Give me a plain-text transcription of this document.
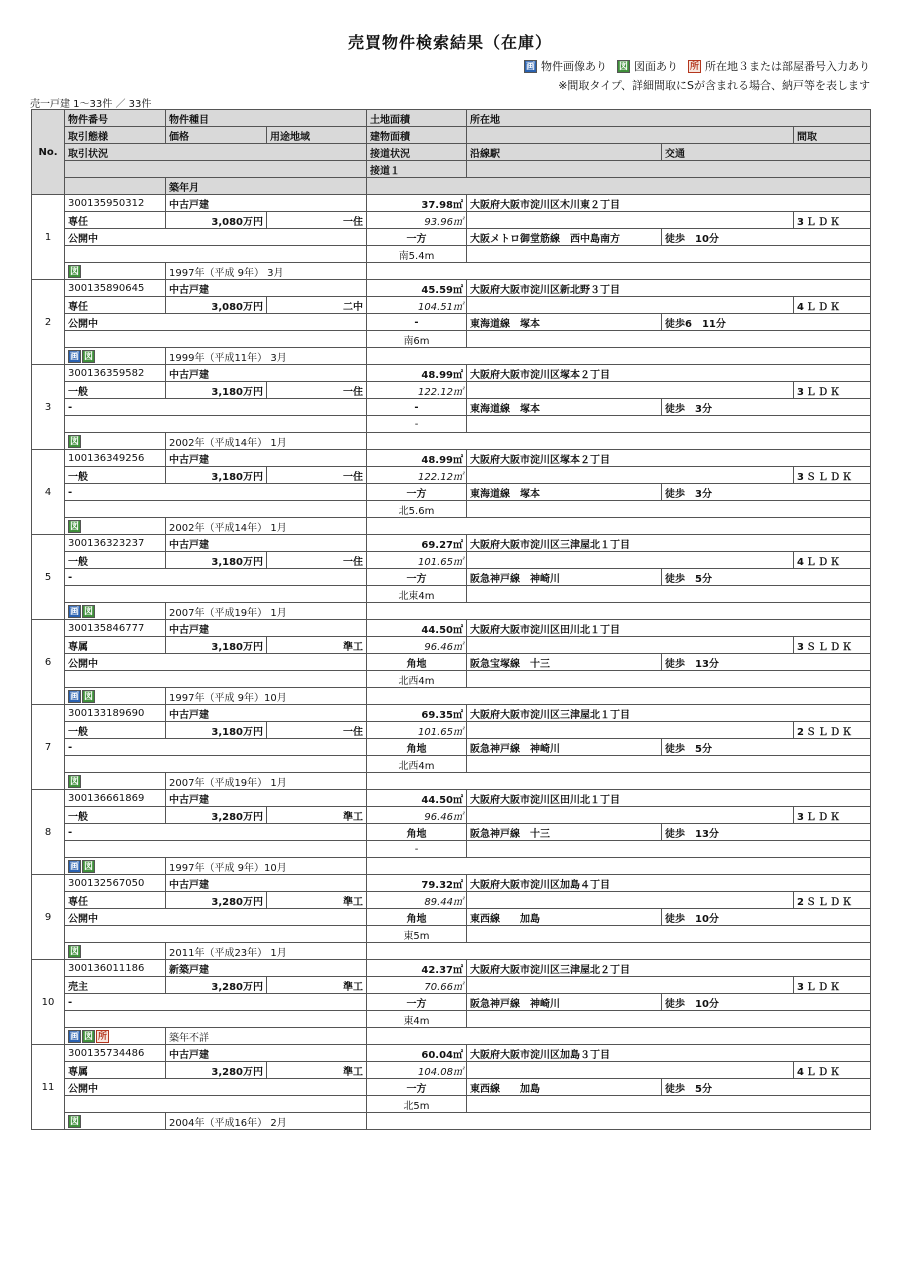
売買物件検索結果（在庫）
画 物件画像あり 図 図面あり 所 所在地３または部屋番号入力あり
※間取タイプ、詳細間取にSが含まれる場合、納戸等を表します
売一戸建 1〜33件 ／ 33件
No.	物件番号	物件種目		土地面積	所在地		
	取引態様	価格	用途地域	建物面積			間取
	取引状況			接道状況	沿線駅	交通	
				接道１			
		築年月					
1	300135950312	中古戸建		37.98㎡	大阪府大阪市淀川区木川東２丁目		
	専任	3,080万円	一住	93.96㎡			3ＬＤＫ
	公開中			一方	大阪メトロ御堂筋線　西中島南方	徒歩　10分	
				南5.4m			
	図	1997年（平成 9年） 3月					
2	300135890645	中古戸建		45.59㎡	大阪府大阪市淀川区新北野３丁目		
	専任	3,080万円	二中	104.51㎡			4ＬＤＫ
	公開中			-	東海道線　塚本	徒歩6　11分	
				南6m			
	画 図	1999年（平成11年） 3月					
3	300136359582	中古戸建		48.99㎡	大阪府大阪市淀川区塚本２丁目		
	一般	3,180万円	一住	122.12㎡			3ＬＤＫ
	-			-	東海道線　塚本	徒歩　3分	
				-			
	図	2002年（平成14年） 1月					
4	100136349256	中古戸建		48.99㎡	大阪府大阪市淀川区塚本２丁目		
	一般	3,180万円	一住	122.12㎡			3ＳＬＤＫ
	-			一方	東海道線　塚本	徒歩　3分	
				北5.6m			
	図	2002年（平成14年） 1月					
5	300136323237	中古戸建		69.27㎡	大阪府大阪市淀川区三津屋北１丁目		
	一般	3,180万円	一住	101.65㎡			4ＬＤＫ
	-			一方	阪急神戸線　神崎川	徒歩　5分	
				北東4m			
	画 図	2007年（平成19年） 1月					
6	300135846777	中古戸建		44.50㎡	大阪府大阪市淀川区田川北１丁目		
	専属	3,180万円	準工	96.46㎡			3ＳＬＤＫ
	公開中			角地	阪急宝塚線　十三	徒歩　13分	
				北西4m			
	画 図	1997年（平成 9年）10月					
7	300133189690	中古戸建		69.35㎡	大阪府大阪市淀川区三津屋北１丁目		
	一般	3,180万円	一住	101.65㎡			2ＳＬＤＫ
	-			角地	阪急神戸線　神崎川	徒歩　5分	
				北西4m			
	図	2007年（平成19年） 1月					
8	300136661869	中古戸建		44.50㎡	大阪府大阪市淀川区田川北１丁目		
	一般	3,280万円	準工	96.46㎡			3ＬＤＫ
	-			角地	阪急神戸線　十三	徒歩　13分	
				-			
	画 図	1997年（平成 9年）10月					
9	300132567050	中古戸建		79.32㎡	大阪府大阪市淀川区加島４丁目		
	専任	3,280万円	準工	89.44㎡			2ＳＬＤＫ
	公開中			角地	東西線　　加島	徒歩　10分	
				東5m			
	図	2011年（平成23年） 1月					
10	300136011186	新築戸建		42.37㎡	大阪府大阪市淀川区三津屋北２丁目		
	売主	3,280万円	準工	70.66㎡			3ＬＤＫ
	-			一方	阪急神戸線　神崎川	徒歩　10分	
				東4m			
	画 図 所	築年不詳					
11	300135734486	中古戸建		60.04㎡	大阪府大阪市淀川区加島３丁目		
	専属	3,280万円	準工	104.08㎡			4ＬＤＫ
	公開中			一方	東西線　　加島	徒歩　5分	
				北5m			
	図	2004年（平成16年） 2月					
